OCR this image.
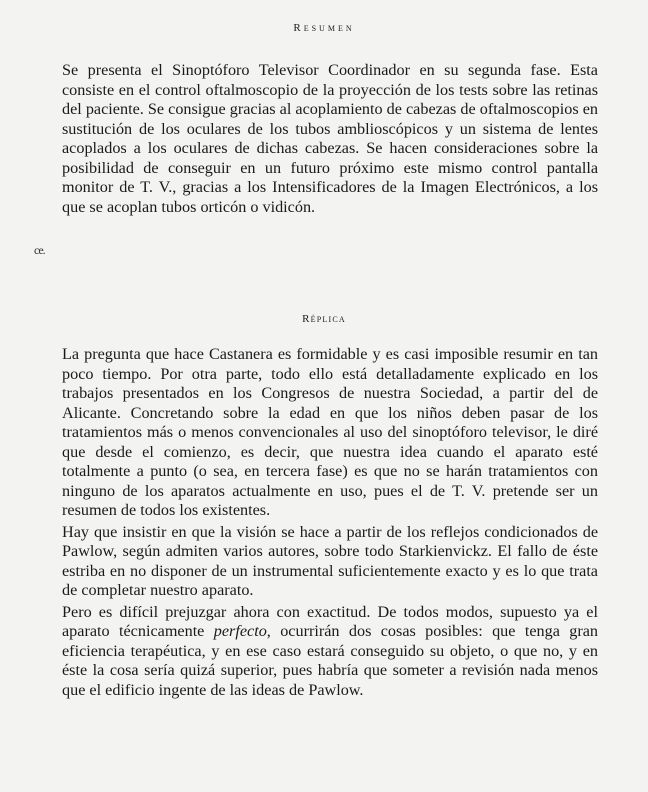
Resumen

Se presenta el Sinoptóforo Televisor Coordinador en su segunda fase. Esta consiste en el control oftalmoscopio de la proyección de los tests sobre las retinas del paciente. Se consigue gracias al acoplamiento de cabezas de oftalmoscopios en sustitución de los oculares de los tubos amblioscópicos y un sistema de lentes acoplados a los oculares de dichas cabezas. Se hacen consideraciones sobre la posibilidad de conseguir en un futuro próximo este mismo control pantalla monitor de T. V., gracias a los Intensificadores de la Imagen Electrónicos, a los que se acoplan tubos orticón o vidicón.

ce.
Réplica

La pregunta que hace Castanera es formidable y es casi imposible resumir en tan poco tiempo. Por otra parte, todo ello está detalladamente explicado en los trabajos presentados en los Congresos de nuestra Sociedad, a partir del de Alicante. Concretando sobre la edad en que los niños deben pasar de los tratamientos más o menos convencionales al uso del sinoptóforo televisor, le diré que desde el comienzo, es decir, que nuestra idea cuando el aparato esté totalmente a punto (o sea, en tercera fase) es que no se harán tratamientos con ninguno de los aparatos actualmente en uso, pues el de T. V. pretende ser un resumen de todos los existentes.

Hay que insistir en que la visión se hace a partir de los reflejos condicionados de Pawlow, según admiten varios autores, sobre todo Starkienvickz. El fallo de éste estriba en no disponer de un instrumental suficientemente exacto y es lo que trata de completar nuestro aparato.

Pero es difícil prejuzgar ahora con exactitud. De todos modos, supuesto ya el aparato técnicamente perfecto, ocurrirán dos cosas posibles: que tenga gran eficiencia terapéutica, y en ese caso estará conseguido su objeto, o que no, y en éste la cosa sería quizá superior, pues habría que someter a revisión nada menos que el edificio ingente de las ideas de Pawlow.
